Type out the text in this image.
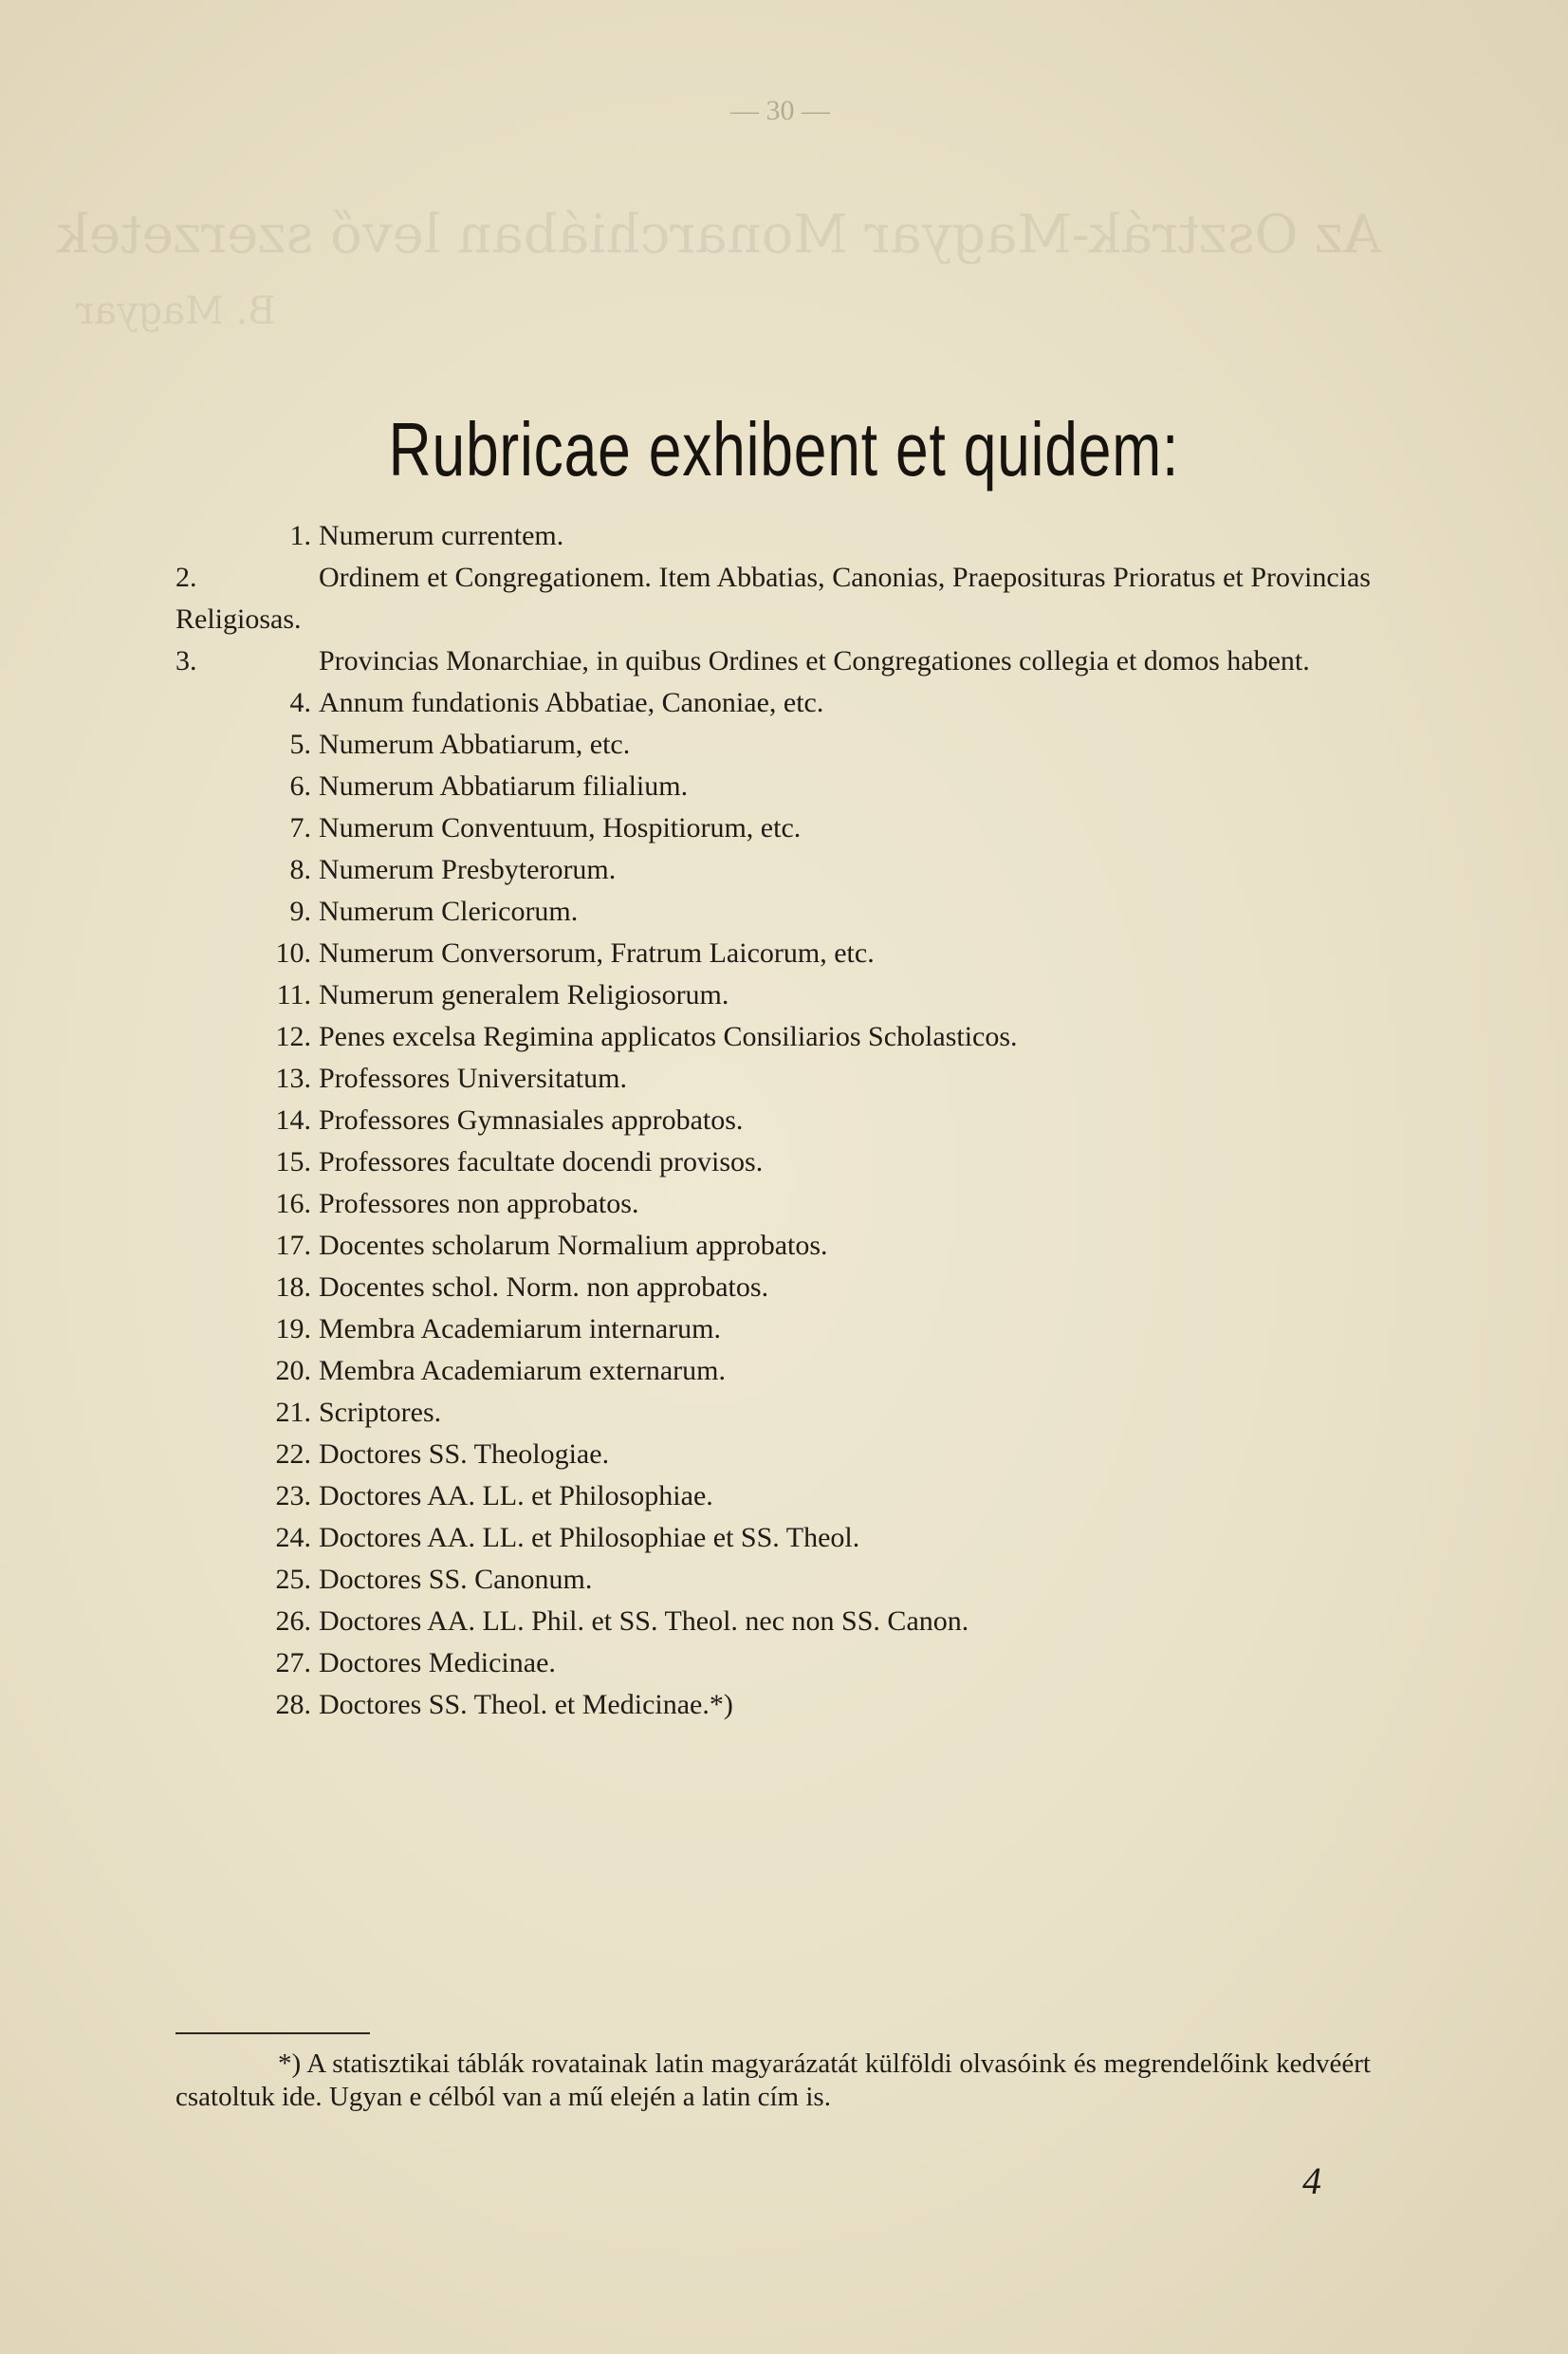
Az Osztrák-Magyar Monarchiában levő szerzetek
B. Magyar
— 30 —
Rubricae exhibent et quidem:
1. Numerum currentem.
2.	Ordinem et Congregationem. Item Abbatias, Canonias, Praeposituras Prioratus et Provincias Religiosas.
3.	Provincias Monarchiae, in quibus Ordines et Congregationes collegia et domos habent.
4. Annum fundationis Abbatiae, Canoniae, etc.
5. Numerum Abbatiarum, etc.
6. Numerum Abbatiarum filialium.
7. Numerum Conventuum, Hospitiorum, etc.
8. Numerum Presbyterorum.
9. Numerum Clericorum.
10. Numerum Conversorum, Fratrum Laicorum, etc.
11. Numerum generalem Religiosorum.
12. Penes excelsa Regimina applicatos Consiliarios Scholasticos.
13. Professores Universitatum.
14. Professores Gymnasiales approbatos.
15. Professores facultate docendi provisos.
16. Professores non approbatos.
17. Docentes scholarum Normalium approbatos.
18. Docentes schol. Norm. non approbatos.
19. Membra Academiarum internarum.
20. Membra Academiarum externarum.
21. Scriptores.
22. Doctores SS. Theologiae.
23. Doctores AA. LL. et Philosophiae.
24. Doctores AA. LL. et Philosophiae et SS. Theol.
25. Doctores SS. Canonum.
26. Doctores AA. LL. Phil. et SS. Theol. nec non SS. Canon.
27. Doctores Medicinae.
28. Doctores SS. Theol. et Medicinae.*)
*) A statisztikai táblák rovatainak latin magyarázatát külföldi olvasóink és megrendelőink kedvéért csatoltuk ide. Ugyan e célból van a mű elején a latin cím is.
4
